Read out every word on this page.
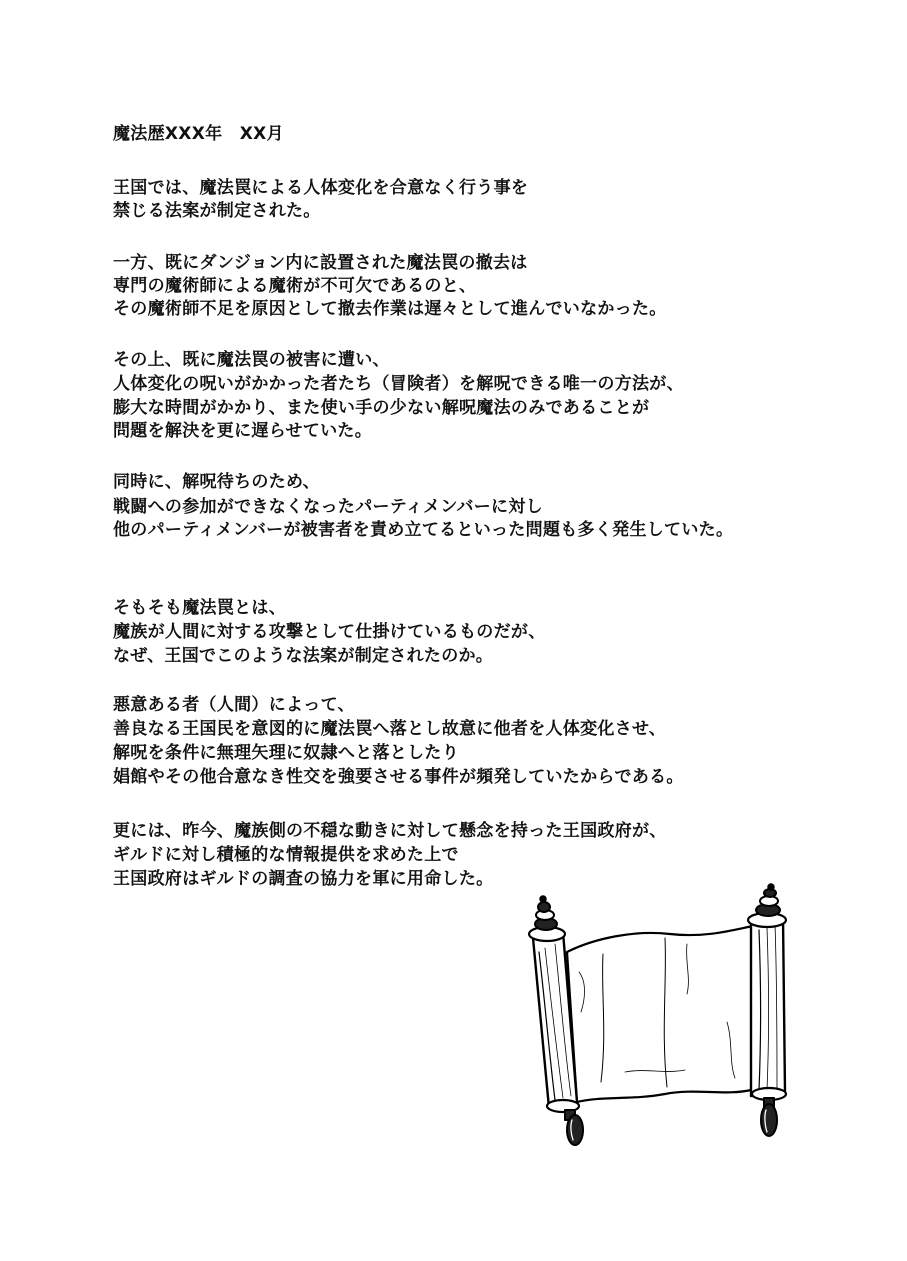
魔法歴XXX年　XX月
王国では、魔法罠による人体変化を合意なく行う事を
禁じる法案が制定された。
一方、既にダンジョン内に設置された魔法罠の撤去は
専門の魔術師による魔術が不可欠であるのと、
その魔術師不足を原因として撤去作業は遅々として進んでいなかった。
その上、既に魔法罠の被害に遭い、
人体変化の呪いがかかった者たち（冒険者）を解呪できる唯一の方法が、
膨大な時間がかかり、また使い手の少ない解呪魔法のみであることが
問題を解決を更に遅らせていた。
同時に、解呪待ちのため、
戦闘への参加ができなくなったパーティメンバーに対し
他のパーティメンバーが被害者を責め立てるといった問題も多く発生していた。
そもそも魔法罠とは、
魔族が人間に対する攻撃として仕掛けているものだが、
なぜ、王国でこのような法案が制定されたのか。
悪意ある者（人間）によって、
善良なる王国民を意図的に魔法罠へ落とし故意に他者を人体変化させ、
解呪を条件に無理矢理に奴隷へと落としたり
娼館やその他合意なき性交を強要させる事件が頻発していたからである。
更には、昨今、魔族側の不穏な動きに対して懸念を持った王国政府が、
ギルドに対し積極的な情報提供を求めた上で
王国政府はギルドの調査の協力を軍に用命した。
